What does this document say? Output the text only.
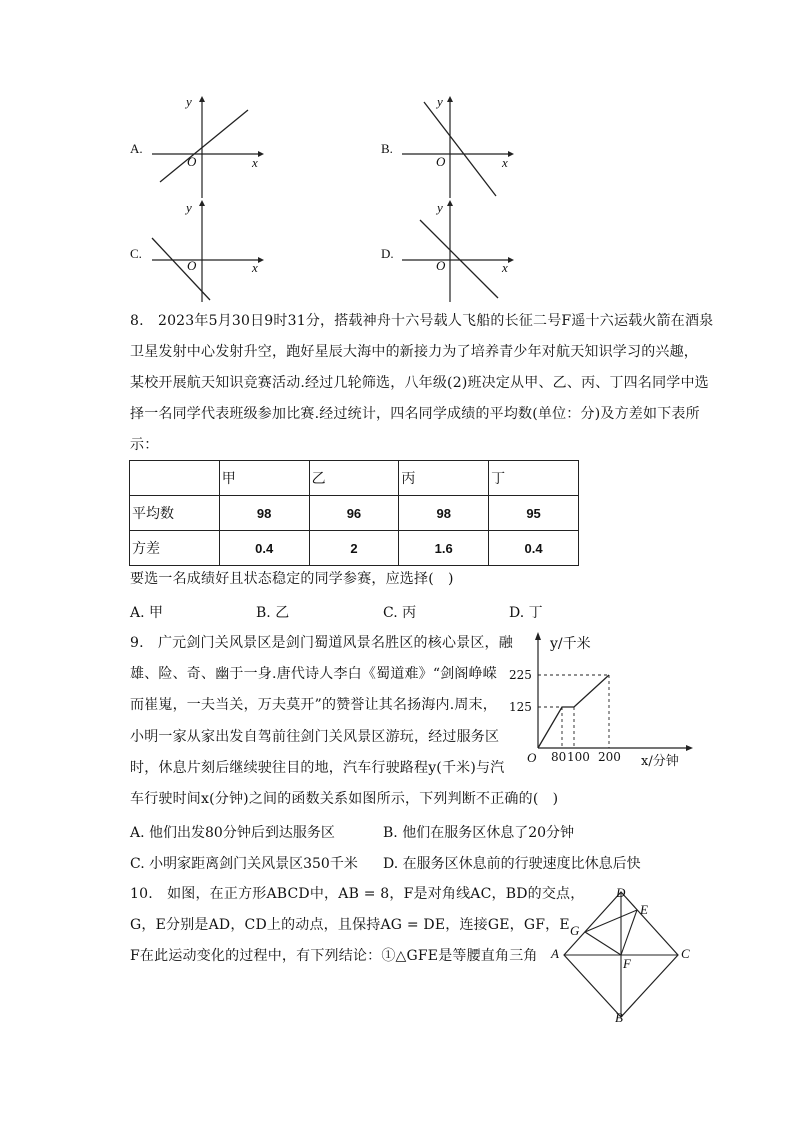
A.
y
O	x
B.
y
O	x
C.
y
O	x
D.
y
O	x
8.　2023年5月30日9时31分，搭载神舟十六号载人飞船的长征二号F遥十六运载火箭在酒泉
卫星发射中心发射升空，跑好星辰大海中的新接力为了培养青少年对航天知识学习的兴趣，
某校开展航天知识竞赛活动.经过几轮筛选，八年级(2)班决定从甲、乙、丙、丁四名同学中选
择一名同学代表班级参加比赛.经过统计，四名同学成绩的平均数(单位：分)及方差如下表所
示：
	甲	乙	丙	丁
平均数	98	96	98	95
方差	0.4	2	1.6	0.4
要选一名成绩好且状态稳定的同学参赛，应选择(　)
A. 甲	B. 乙	C. 丙	D. 丁
9.　广元剑门关风景区是剑门蜀道风景名胜区的核心景区，融
雄、险、奇、幽于一身.唐代诗人李白《蜀道难》“剑阁峥嵘
而崔嵬，一夫当关，万夫莫开”的赞誉让其名扬海内.周末，
小明一家从家出发自驾前往剑门关风景区游玩，经过服务区
时，休息片刻后继续驶往目的地，汽车行驶路程y(千米)与汽
车行驶时间x(分钟)之间的函数关系如图所示，下列判断不正确的(　)
A. 他们出发80分钟后到达服务区	B. 他们在服务区休息了20分钟
C. 小明家距离剑门关风景区350千米 D. 在服务区休息前的行驶速度比休息后快
y/千米
225
125
O 80 100 200 x/分钟
10.　如图，在正方形ABCD中，AB = 8，F是对角线AC，BD的交点，
G，E分别是AD，CD上的动点，且保持AG = DE，连接GE，GF，E
F在此运动变化的过程中，有下列结论：①△GFE是等腰直角三角
D
E
G
A
F
C
B
